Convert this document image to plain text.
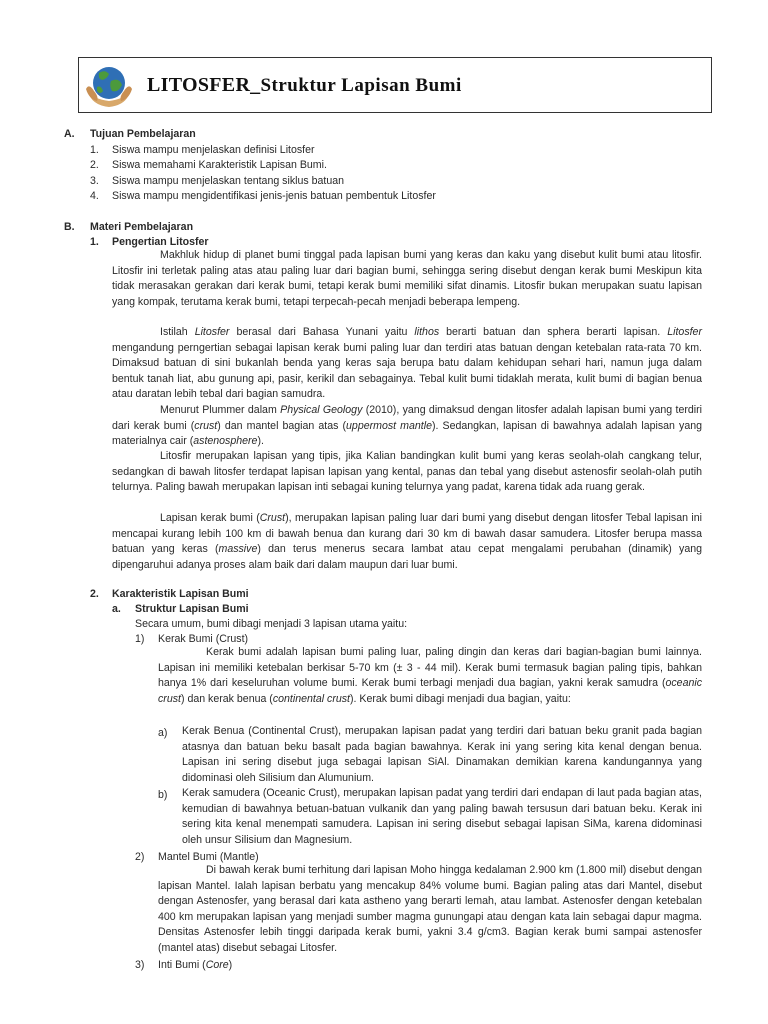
LITOSFER_Struktur Lapisan Bumi
A. Tujuan Pembelajaran
1. Siswa mampu menjelaskan definisi Litosfer
2. Siswa memahami Karakteristik Lapisan Bumi.
3. Siswa mampu menjelaskan tentang siklus batuan
4. Siswa mampu mengidentifikasi jenis-jenis batuan pembentuk Litosfer
B. Materi Pembelajaran
1. Pengertian Litosfer
Makhluk hidup di planet bumi tinggal pada lapisan bumi yang keras dan kaku yang disebut kulit bumi atau litosfir. Litosfir ini terletak paling atas atau paling luar dari bagian bumi, sehingga sering disebut dengan kerak bumi Meskipun kita tidak merasakan gerakan dari kerak bumi, tetapi kerak bumi memiliki sifat dinamis. Litosfir bukan merupakan suatu lapisan yang kompak, terutama kerak bumi, tetapi terpecah-pecah menjadi beberapa lempeng.
Istilah Litosfer berasal dari Bahasa Yunani yaitu lithos berarti batuan dan sphera berarti lapisan. Litosfer mengandung perngertian sebagai lapisan kerak bumi paling luar dan terdiri atas batuan dengan ketebalan rata-rata 70 km. Dimaksud batuan di sini bukanlah benda yang keras saja berupa batu dalam kehidupan sehari hari, namun juga dalam bentuk tanah liat, abu gunung api, pasir, kerikil dan sebagainya. Tebal kulit bumi tidaklah merata, kulit bumi di bagian benua atau daratan lebih tebal dari bagian samudra.
Menurut Plummer dalam Physical Geology (2010), yang dimaksud dengan litosfer adalah lapisan bumi yang terdiri dari kerak bumi (crust) dan mantel bagian atas (uppermost mantle). Sedangkan, lapisan di bawahnya adalah lapisan yang materialnya cair (astenosphere).
Litosfir merupakan lapisan yang tipis, jika Kalian bandingkan kulit bumi yang keras seolah-olah cangkang telur, sedangkan di bawah litosfer terdapat lapisan lapisan yang kental, panas dan tebal yang disebut astenosfir seolah-olah putih telurnya. Paling bawah merupakan lapisan inti sebagai kuning telurnya yang padat, karena tidak ada ruang gerak.
Lapisan kerak bumi (Crust), merupakan lapisan paling luar dari bumi yang disebut dengan litosfer Tebal lapisan ini mencapai kurang lebih 100 km di bawah benua dan kurang dari 30 km di bawah dasar samudera. Litosfer berupa massa batuan yang keras (massive) dan terus menerus secara lambat atau cepat mengalami perubahan (dinamik) yang dipengaruhui adanya proses alam baik dari dalam maupun dari luar bumi.
2. Karakteristik Lapisan Bumi
a. Struktur Lapisan Bumi
Secara umum, bumi dibagi menjadi 3 lapisan utama yaitu:
1) Kerak Bumi (Crust)
Kerak bumi adalah lapisan bumi paling luar, paling dingin dan keras dari bagian-bagian bumi lainnya. Lapisan ini memiliki ketebalan berkisar 5-70 km (± 3 - 44 mil). Kerak bumi termasuk bagian paling tipis, bahkan hanya 1% dari keseluruhan volume bumi. Kerak bumi terbagi menjadi dua bagian, yakni kerak samudra (oceanic crust) dan kerak benua (continental crust). Kerak bumi dibagi menjadi dua bagian, yaitu:
a) Kerak Benua (Continental Crust), merupakan lapisan padat yang terdiri dari batuan beku granit pada bagian atasnya dan batuan beku basalt pada bagian bawahnya. Kerak ini yang sering kita kenal dengan benua. Lapisan ini sering disebut juga sebagai lapisan SiAl. Dinamakan demikian karena kandungannya yang didominasi oleh Silisium dan Alumunium.
b) Kerak samudera (Oceanic Crust), merupakan lapisan padat yang terdiri dari endapan di laut pada bagian atas, kemudian di bawahnya betuan-batuan vulkanik dan yang paling bawah tersusun dari batuan beku. Kerak ini sering kita kenal menempati samudera. Lapisan ini sering disebut sebagai lapisan SiMa, karena didominasi oleh unsur Silisium dan Magnesium.
2) Mantel Bumi (Mantle)
Di bawah kerak bumi terhitung dari lapisan Moho hingga kedalaman 2.900 km (1.800 mil) disebut dengan lapisan Mantel. Ialah lapisan berbatu yang mencakup 84% volume bumi. Bagian paling atas dari Mantel, disebut dengan Astenosfer, yang berasal dari kata astheno yang berarti lemah, atau lambat. Astenosfer dengan ketebalan 400 km merupakan lapisan yang menjadi sumber magma gunungapi atau dengan kata lain sebagai dapur magma. Densitas Astenosfer lebih tinggi daripada kerak bumi, yakni 3.4 g/cm3. Bagian kerak bumi sampai astenosfer (mantel atas) disebut sebagai Litosfer.
3) Inti Bumi (Core)
